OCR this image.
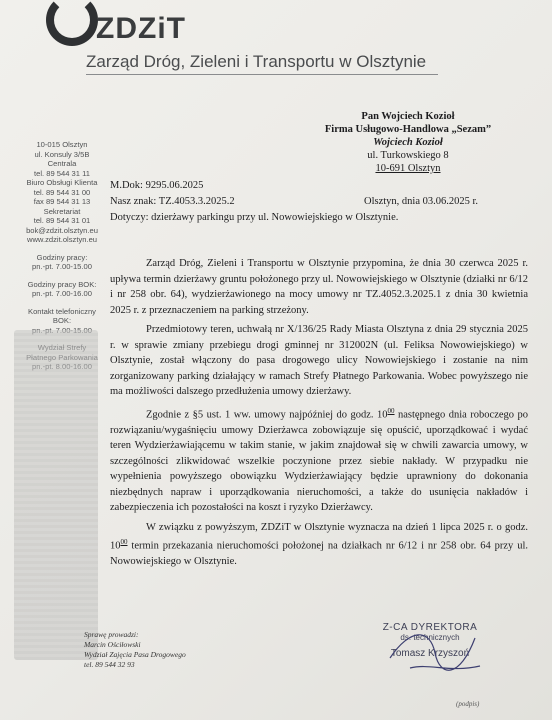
ZDZiT
Zarząd Dróg, Zieleni i Transportu w Olsztynie
10-015 Olsztyn
ul. Konsuly 3/5B
Centrala
tel. 89 544 31 11
Biuro Obsługi Klienta
tel. 89 544 31 00
fax 89 544 31 13
Sekretariat
tel. 89 544 31 01
bok@zdzit.olsztyn.eu
www.zdzit.olsztyn.eu
Godziny pracy:
pn.-pt. 7.00-15.00
Godziny pracy BOK:
pn.-pt. 7.00-16.00
Kontakt telefoniczny BOK:
Pan Wojciech Kozioł
Firma Usługowo-Handlowa „Sezam”
Wojciech Kozioł
ul. Turkowskiego 8
10-691 Olsztyn
M.Dok: 9295.06.2025
Nasz znak: TZ.4053.3.2025.2	Olsztyn, dnia 03.06.2025 r.
Dotyczy: dzierżawy parkingu przy ul. Nowowiejskiego w Olsztynie.

Zarząd Dróg, Zieleni i Transportu w Olsztynie przypomina, że dnia 30 czerwca 2025 r. upływa termin dzierżawy gruntu położonego przy ul. Nowowiejskiego w Olsztynie (działki nr 6/12 i nr 258 obr. 64), wydzierżawionego na mocy umowy nr TZ.4052.3.2025.1 z dnia 30 kwietnia 2025 r. z przeznaczeniem na parking strzeżony.

Przedmiotowy teren, uchwałą nr X/136/25 Rady Miasta Olsztyna z dnia 29 stycznia 2025 r. w sprawie zmiany przebiegu drogi gminnej nr 312002N (ul. Feliksa Nowowiejskiego) w Olsztynie, został włączony do pasa drogowego ulicy Nowowiejskiego i zostanie na nim zorganizowany parking działający w ramach Strefy Płatnego Parkowania. Wobec powyższego nie ma możliwości dalszego przedłużenia umowy dzierżawy.

Zgodnie z §5 ust. 1 ww. umowy najpóźniej do godz. $10^{00}$ następnego dnia roboczego po rozwiązaniu/wygaśnięciu umowy Dzierżawca zobowiązuje się opuścić, uporządkować i wydać teren Wydzierżawiającemu w takim stanie, w jakim znajdował się w chwili zawarcia umowy, w szczególności zlikwidować wszelkie poczynione przez siebie nakłady. W przypadku nie wypełnienia powyższego obowiązku Wydzierżawiający będzie uprawniony do dokonania niezbędnych napraw i uporządkowania nieruchomości, a także do usunięcia nakładów i zabezpieczenia ich pozostałości na koszt i ryzyko Dzierżawcy.

W związku z powyższym, ZDZiT w Olsztynie wyznacza na dzień 1 lipca 2025 r. o godz. $10^{00}$ termin przekazania nieruchomości położonej na działkach nr 6/12 i nr 258 obr. 64 przy ul. Nowowiejskiego w Olsztynie.

Sprawę prowadzi:
Marcin Ościłowski
Wydział Zajęcia Pasa Drogowego
tel. 89 544 32 93
Z-CA DYREKTORA
ds. technicznych
Tomasz Krzyszoń
(podpis)
